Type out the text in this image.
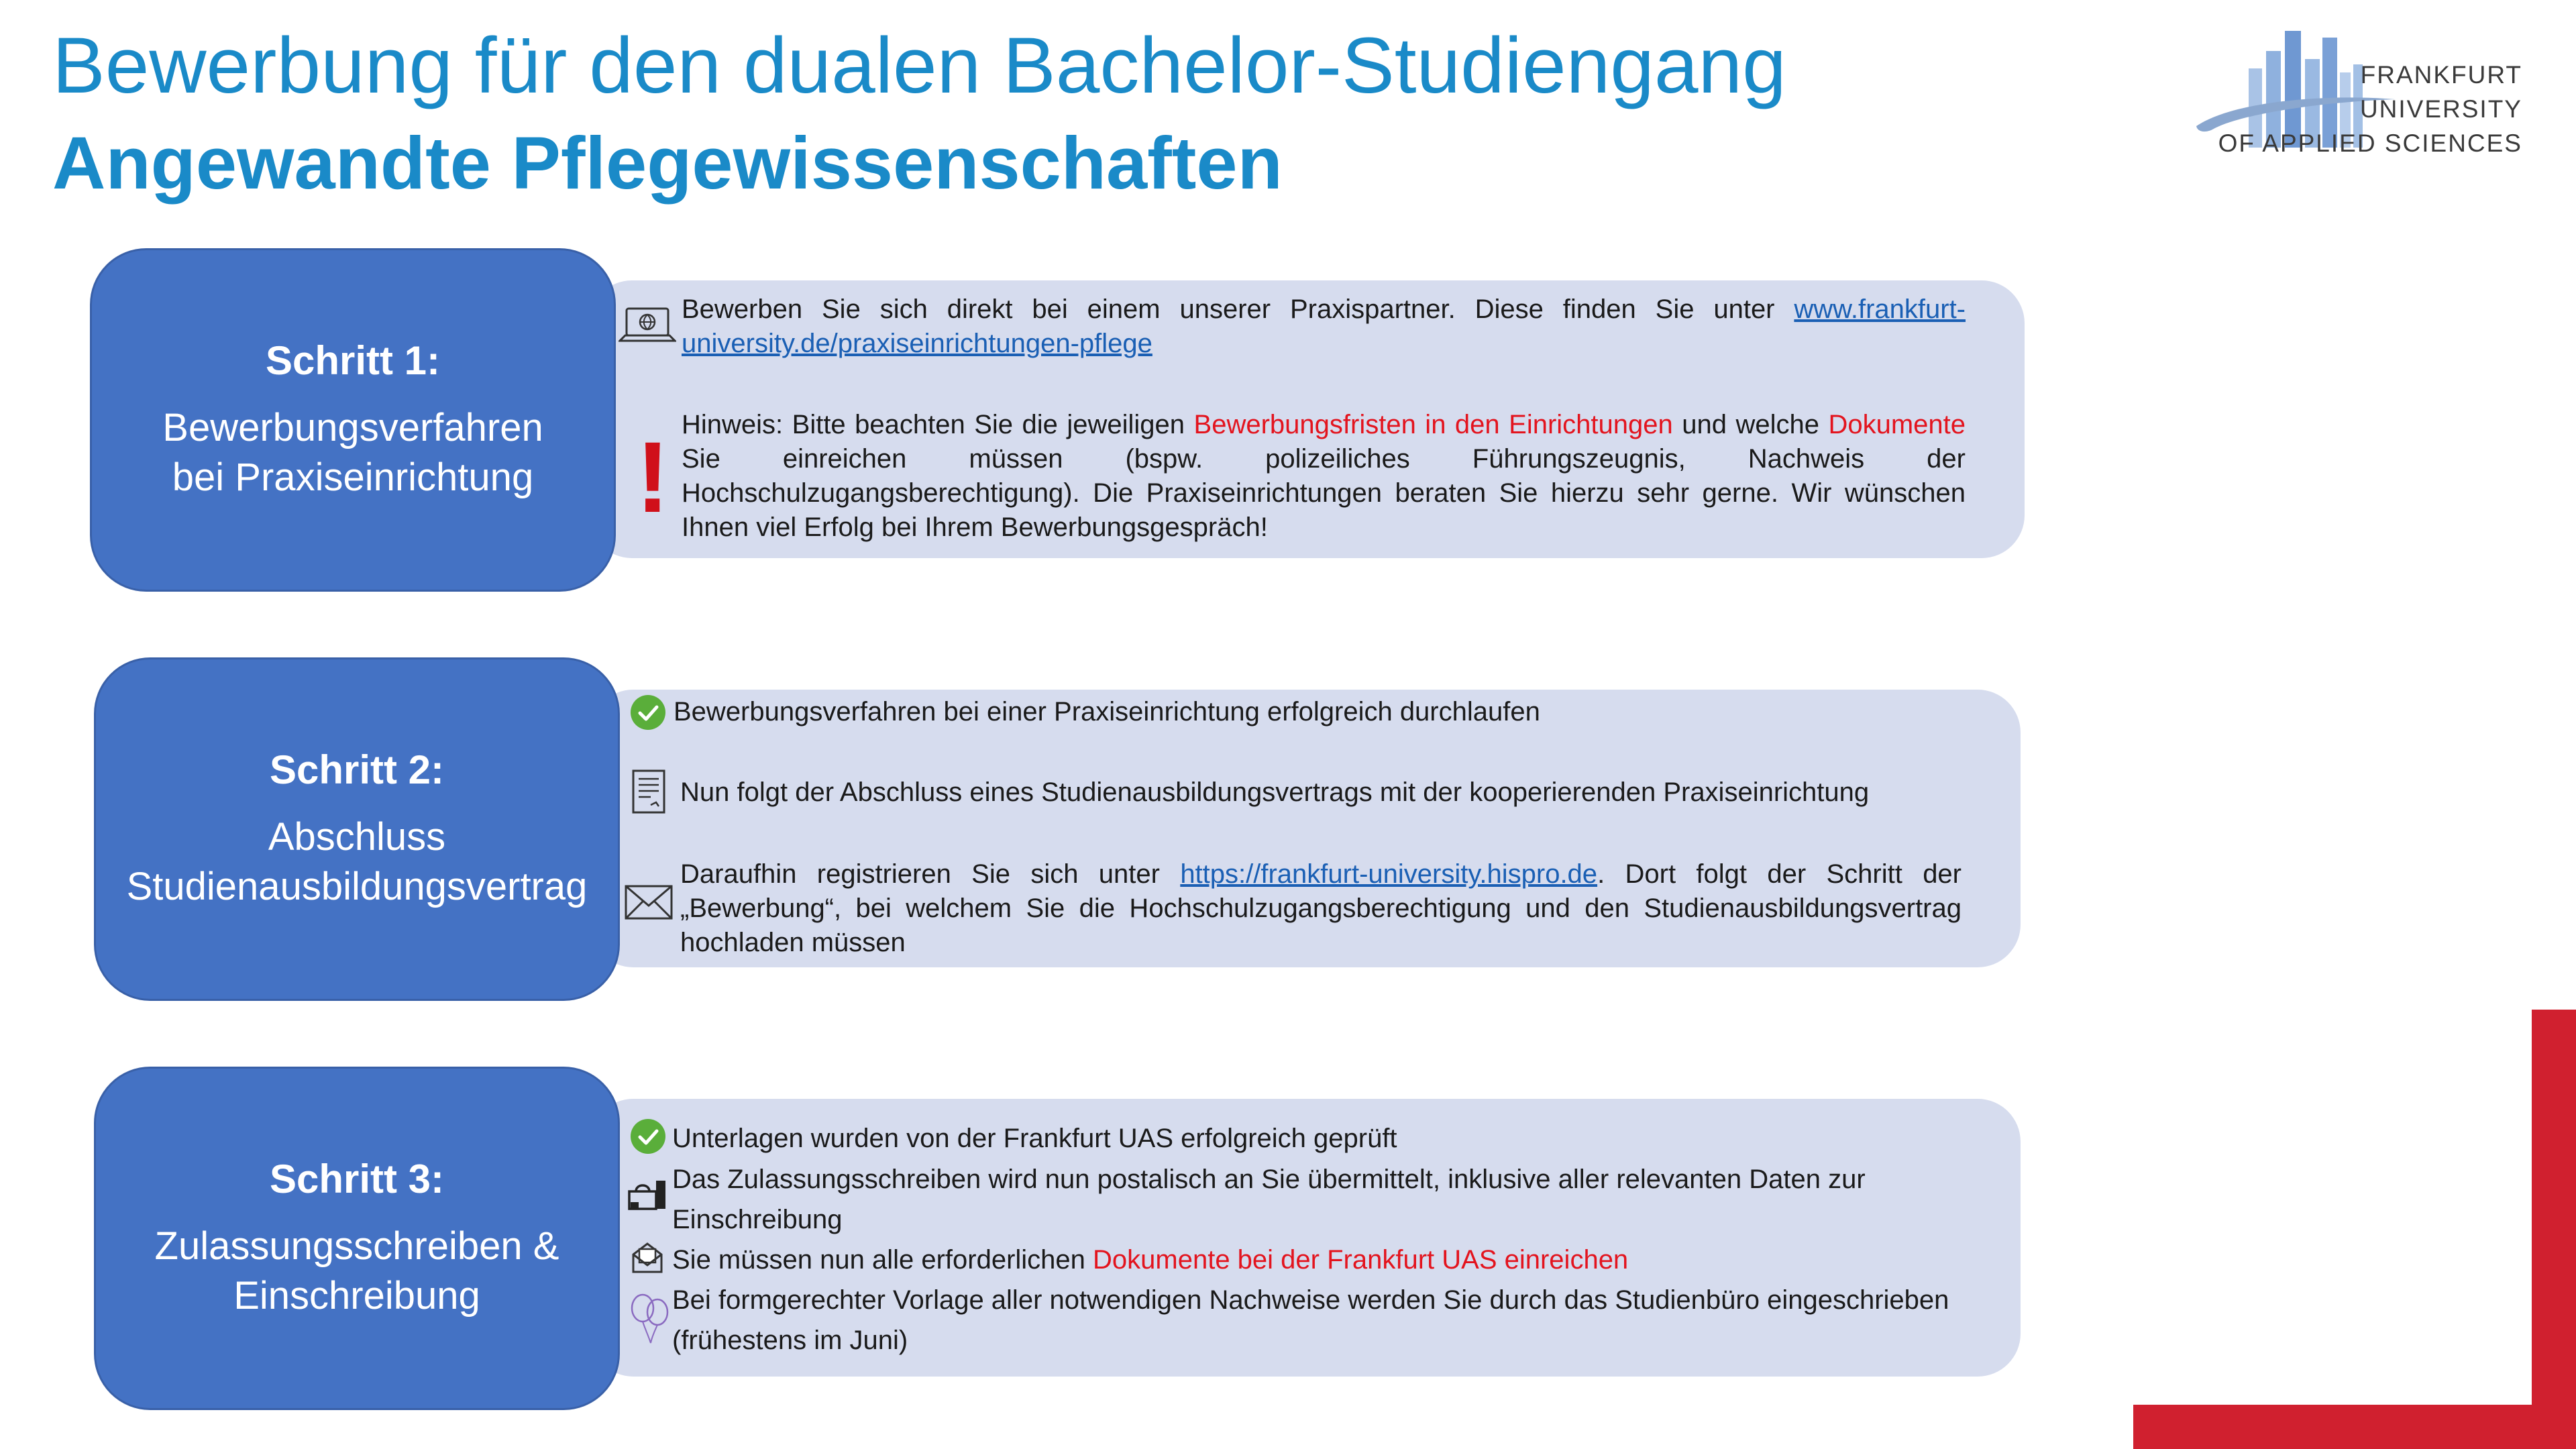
Bewerbung für den dualen Bachelor-Studiengang
Angewandte Pflegewissenschaften
FRANKFURT
UNIVERSITY
OF APPLIED SCIENCES
Schritt 1:
Bewerbungsverfahren
bei Praxiseinrichtung
Bewerben Sie sich direkt bei einem unserer Praxispartner. Diese finden Sie unter www.frankfurt-university.de/praxiseinrichtungen-pflege
! Hinweis: Bitte beachten Sie die jeweiligen Bewerbungsfristen in den Einrichtungen und welche Dokumente Sie einreichen müssen (bspw. polizeiliches Führungszeugnis, Nachweis der Hochschulzugangsberechtigung). Die Praxiseinrichtungen beraten Sie hierzu sehr gerne. Wir wünschen Ihnen viel Erfolg bei Ihrem Bewerbungsgespräch!
Schritt 2:
Abschluss
Studienausbildungsvertrag
Bewerbungsverfahren bei einer Praxiseinrichtung erfolgreich durchlaufen
Nun folgt der Abschluss eines Studienausbildungsvertrags mit der kooperierenden Praxiseinrichtung
Daraufhin registrieren Sie sich unter https://frankfurt-university.hispro.de. Dort folgt der Schritt der „Bewerbung“, bei welchem Sie die Hochschulzugangsberechtigung und den Studienausbildungsvertrag hochladen müssen
Schritt 3:
Zulassungsschreiben &
Einschreibung
Unterlagen wurden von der Frankfurt UAS erfolgreich geprüft
Das Zulassungsschreiben wird nun postalisch an Sie übermittelt, inklusive aller relevanten Daten zur Einschreibung
Sie müssen nun alle erforderlichen Dokumente bei der Frankfurt UAS einreichen
Bei formgerechter Vorlage aller notwendigen Nachweise werden Sie durch das Studienbüro eingeschrieben (frühestens im Juni)
